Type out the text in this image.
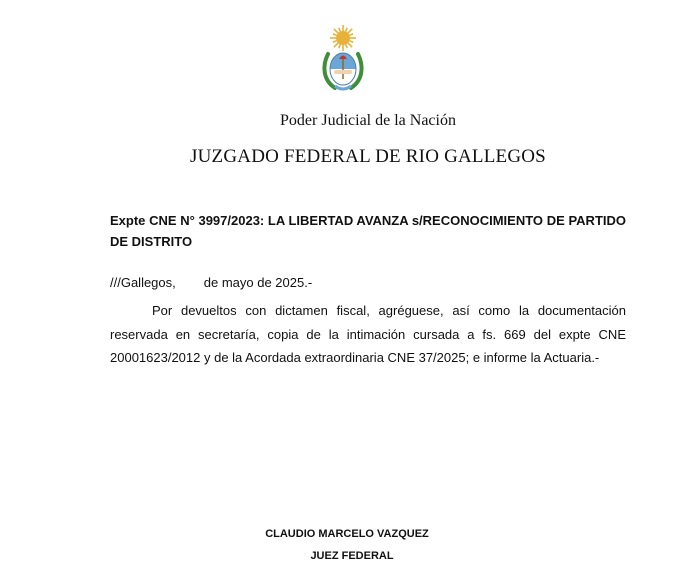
Poder Judicial de la Nación
JUZGADO FEDERAL DE RIO GALLEGOS
Expte CNE N° 3997/2023: LA LIBERTAD AVANZA s/RECONOCIMIENTO DE PARTIDO DE DISTRITO
///Gallegos, de mayo de 2025.-
Por devueltos con dictamen fiscal, agréguese, así como la documentación reservada en secretaría, copia de la intimación cursada a fs. 669 del expte CNE 20001623/2012 y de la Acordada extraordinaria CNE 37/2025; e informe la Actuaria.-
CLAUDIO MARCELO VAZQUEZ
JUEZ FEDERAL
